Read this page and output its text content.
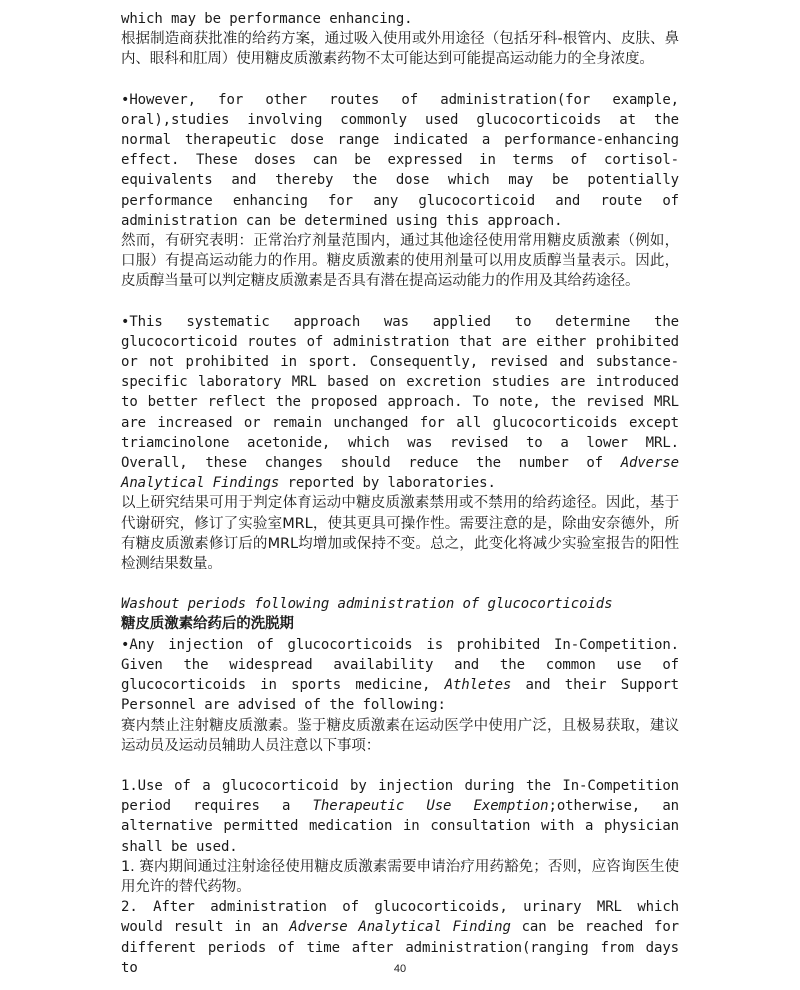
which may be performance enhancing.

根据制造商获批准的给药方案，通过吸入使用或外用途径（包括牙科-根管内、皮肤、鼻内、眼科和肛周）使用糖皮质激素药物不太可能达到可能提高运动能力的全身浓度。

•However, for other routes of administration(for example, oral),studies involving commonly used glucocorticoids at the normal therapeutic dose range indicated a performance-enhancing effect. These doses can be expressed in terms of cortisol-equivalents and thereby the dose which may be potentially performance enhancing for any glucocorticoid and route of administration can be determined using this approach.

然而，有研究表明：正常治疗剂量范围内，通过其他途径使用常用糖皮质激素（例如，口服）有提高运动能力的作用。糖皮质激素的使用剂量可以用皮质醇当量表示。因此，皮质醇当量可以判定糖皮质激素是否具有潜在提高运动能力的作用及其给药途径。

•This systematic approach was applied to determine the glucocorticoid routes of administration that are either prohibited or not prohibited in sport. Consequently, revised and substance-specific laboratory MRL based on excretion studies are introduced to better reflect the proposed approach. To note, the revised MRL are increased or remain unchanged for all glucocorticoids except triamcinolone acetonide, which was revised to a lower MRL. Overall, these changes should reduce the number of Adverse Analytical Findings reported by laboratories.

以上研究结果可用于判定体育运动中糖皮质激素禁用或不禁用的给药途径。因此，基于代谢研究，修订了实验室MRL，使其更具可操作性。需要注意的是，除曲安奈德外，所有糖皮质激素修订后的MRL均增加或保持不变。总之，此变化将减少实验室报告的阳性检测结果数量。

Washout periods following administration of glucocorticoids

糖皮质激素给药后的洗脱期

•Any injection of glucocorticoids is prohibited In-Competition. Given the widespread availability and the common use of glucocorticoids in sports medicine, Athletes and their Support Personnel are advised of the following:

赛内禁止注射糖皮质激素。鉴于糖皮质激素在运动医学中使用广泛，且极易获取，建议运动员及运动员辅助人员注意以下事项：

1.Use of a glucocorticoid by injection during the In-Competition period requires a Therapeutic Use Exemption;otherwise, an alternative permitted medication in consultation with a physician shall be used.

1. 赛内期间通过注射途径使用糖皮质激素需要申请治疗用药豁免；否则，应咨询医生使用允许的替代药物。

2. After administration of glucocorticoids, urinary MRL which would result in an Adverse Analytical Finding can be reached for different periods of time after administration(ranging from days to	40
